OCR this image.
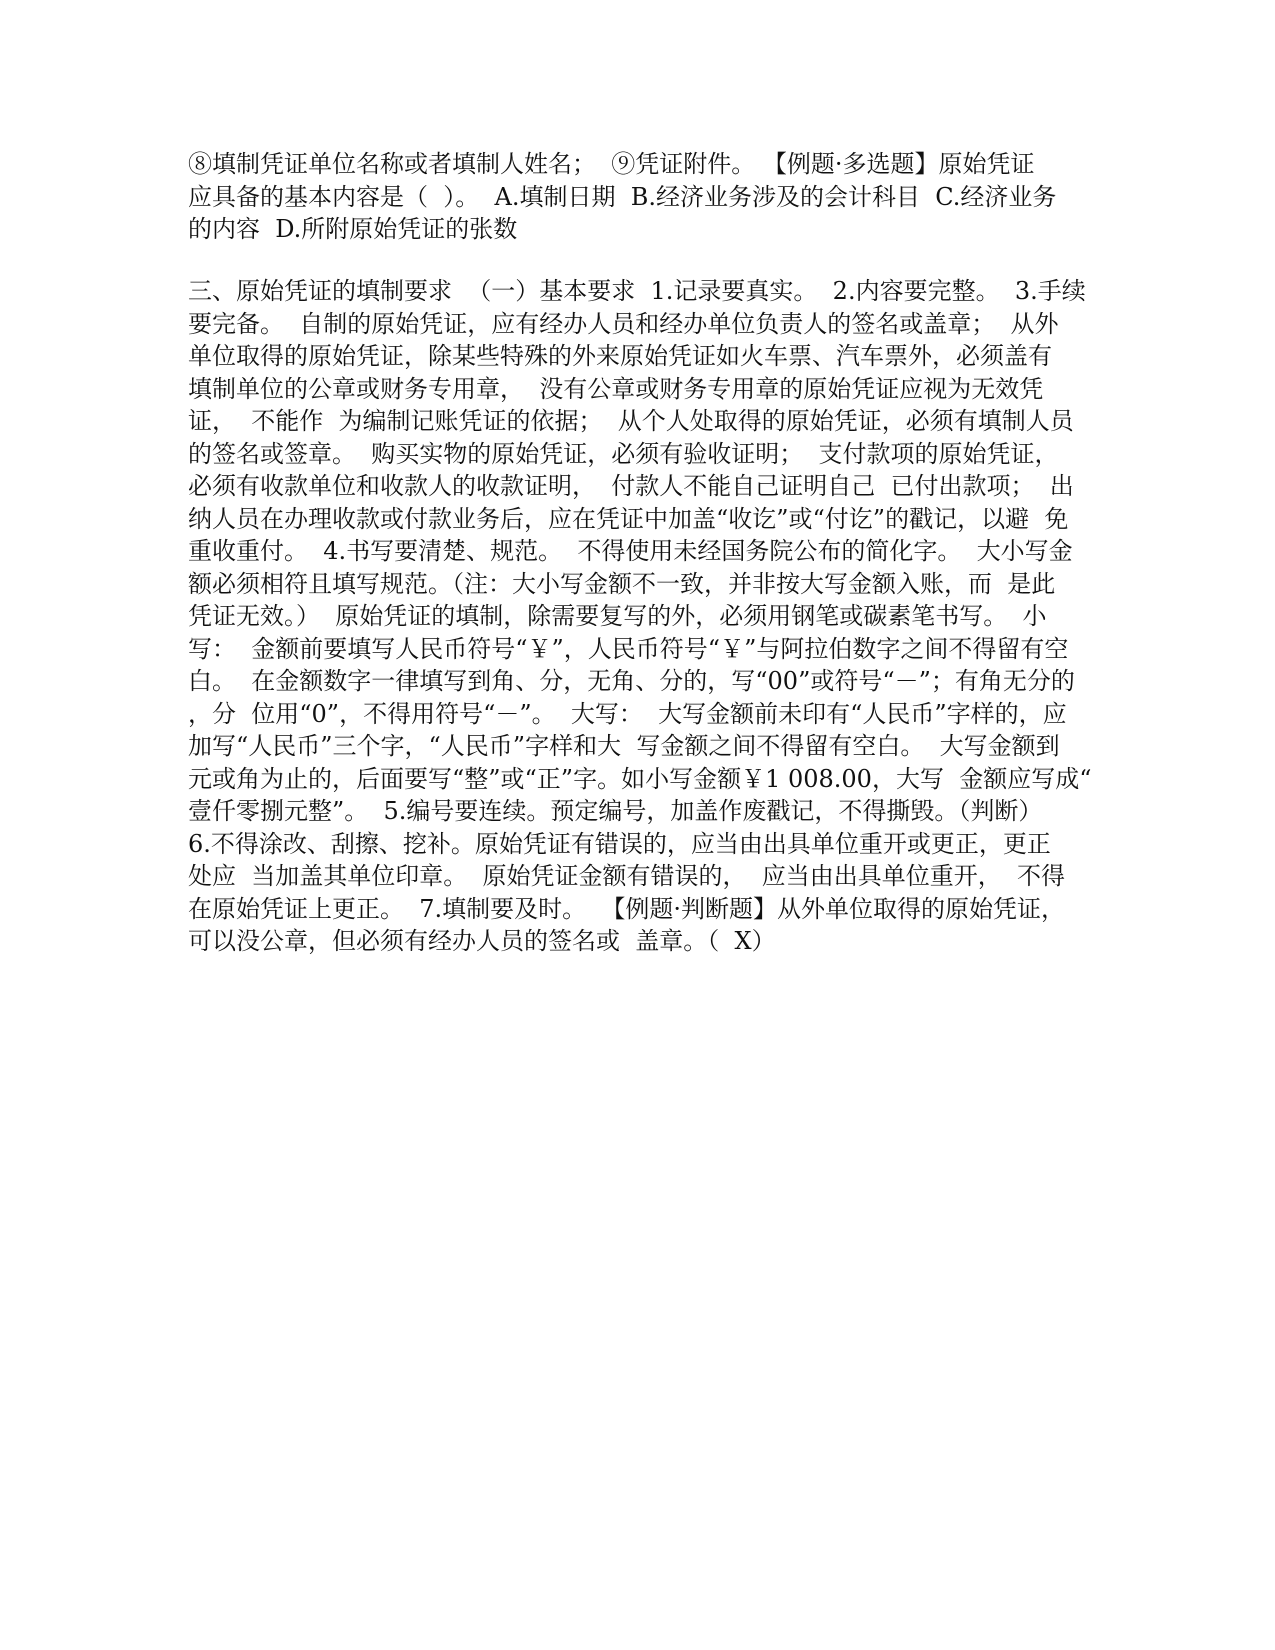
⑧填制凭证单位名称或者填制人姓名；  ⑨凭证附件。 【例题·多选题】原始凭证
应具备的基本内容是（  ）。  A.填制日期  B.经济业务涉及的会计科目  C.经济业务
的内容  D.所附原始凭证的张数
三、原始凭证的填制要求  （一）基本要求  1.记录要真实。  2.内容要完整。  3.手续
要完备。  自制的原始凭证，应有经办人员和经办单位负责人的签名或盖章；  从外
单位取得的原始凭证，除某些特殊的外来原始凭证如火车票、汽车票外，必须盖有
填制单位的公章或财务专用章，  没有公章或财务专用章的原始凭证应视为无效凭
证，  不能作  为编制记账凭证的依据；  从个人处取得的原始凭证，必须有填制人员
的签名或签章。  购买实物的原始凭证，必须有验收证明；  支付款项的原始凭证，
必须有收款单位和收款人的收款证明，  付款人不能自己证明自己  已付出款项；  出
纳人员在办理收款或付款业务后，应在凭证中加盖“收讫”或“付讫”的戳记，以避  免
重收重付。  4.书写要清楚、规范。  不得使用未经国务院公布的简化字。  大小写金
额必须相符且填写规范。（注：大小写金额不一致，并非按大写金额入账，而  是此
凭证无效。）  原始凭证的填制，除需要复写的外，必须用钢笔或碳素笔书写。  小
写：  金额前要填写人民币符号“￥”，人民币符号“￥”与阿拉伯数字之间不得留有空
白。  在金额数字一律填写到角、分，无角、分的，写“00”或符号“－”；有角无分的
，分  位用“0”，不得用符号“－”。  大写：  大写金额前未印有“人民币”字样的，应
加写“人民币”三个字，“人民币”字样和大  写金额之间不得留有空白。  大写金额到
元或角为止的，后面要写“整”或“正”字。如小写金额￥1 008.00，大写  金额应写成“
壹仟零捌元整”。  5.编号要连续。预定编号，加盖作废戳记，不得撕毁。（判断）
6.不得涂改、刮擦、挖补。原始凭证有错误的，应当由出具单位重开或更正，更正
处应  当加盖其单位印章。  原始凭证金额有错误的，  应当由出具单位重开，  不得
在原始凭证上更正。  7.填制要及时。  【例题·判断题】从外单位取得的原始凭证，
可以没公章，但必须有经办人员的签名或  盖章。（  X）
